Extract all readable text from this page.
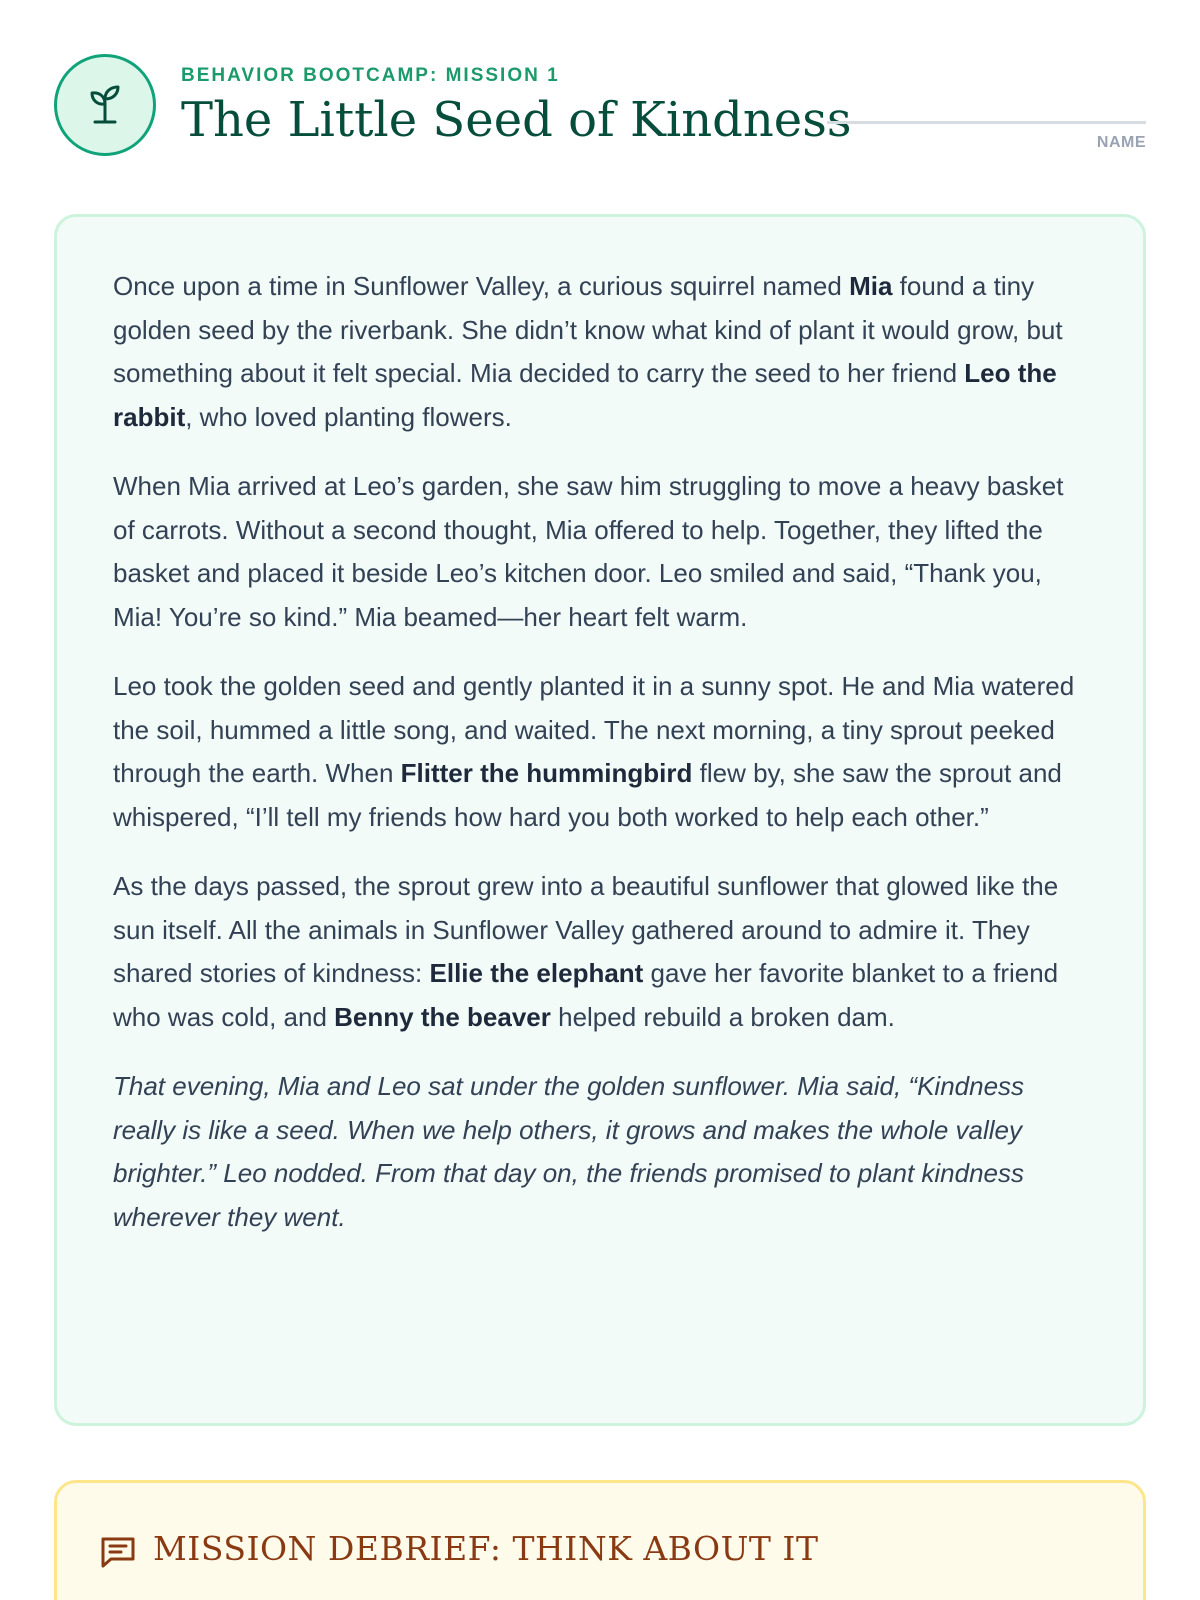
BEHAVIOR BOOTCAMP: MISSION 1
The Little Seed of Kindness	NAME

Once upon a time in Sunflower Valley, a curious squirrel named Mia found a tiny golden seed by the riverbank. She didn’t know what kind of plant it would grow, but something about it felt special. Mia decided to carry the seed to her friend Leo the rabbit, who loved planting flowers.

When Mia arrived at Leo’s garden, she saw him struggling to move a heavy basket of carrots. Without a second thought, Mia offered to help. Together, they lifted the basket and placed it beside Leo’s kitchen door. Leo smiled and said, “Thank you, Mia! You’re so kind.” Mia beamed—her heart felt warm.

Leo took the golden seed and gently planted it in a sunny spot. He and Mia watered the soil, hummed a little song, and waited. The next morning, a tiny sprout peeked through the earth. When Flitter the hummingbird flew by, she saw the sprout and whispered, “I’ll tell my friends how hard you both worked to help each other.”

As the days passed, the sprout grew into a beautiful sunflower that glowed like the sun itself. All the animals in Sunflower Valley gathered around to admire it. They shared stories of kindness: Ellie the elephant gave her favorite blanket to a friend who was cold, and Benny the beaver helped rebuild a broken dam.

That evening, Mia and Leo sat under the golden sunflower. Mia said, “Kindness really is like a seed. When we help others, it grows and makes the whole valley brighter.” Leo nodded. From that day on, the friends promised to plant kindness wherever they went.

MISSION DEBRIEF: THINK ABOUT IT
